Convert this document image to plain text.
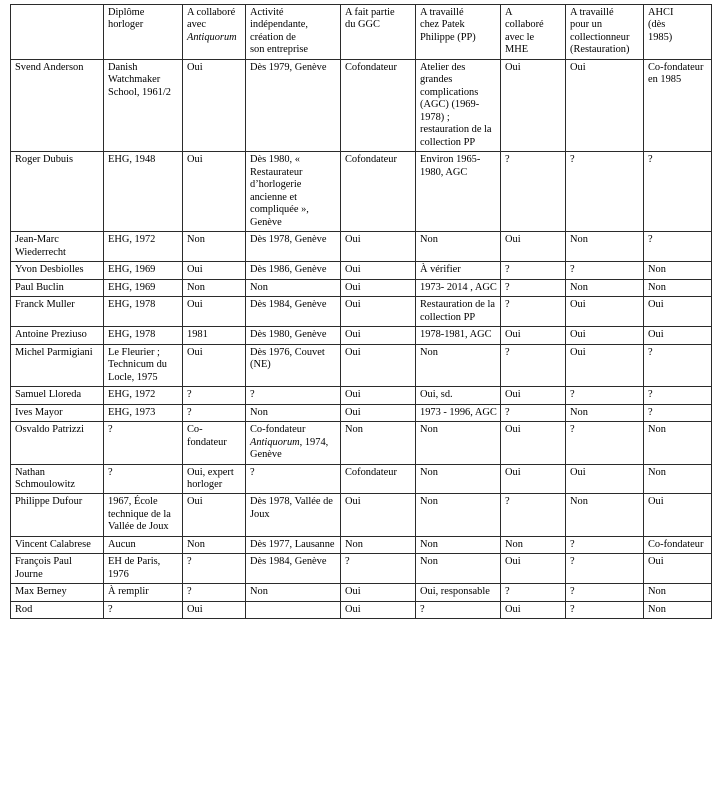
	Diplôme
horloger	A collaboré
avec
Antiquorum	Activité
indépendante,
création de
son entreprise	A fait partie
du GGC	A travaillé
chez Patek
Philippe (PP)	A
collaboré
avec le
MHE	A travaillé
pour un
collectionneur
(Restauration)	AHCI
(dès
1985)

Svend Anderson	Danish Watchmaker School, 1961/2	Oui	Dès 1979, Genève	Cofondateur	Atelier des grandes complications (AGC) (1969-1978) ; restauration de la collection PP	Oui	Oui	Co-fondateur en 1985
Roger Dubuis	EHG, 1948	Oui	Dès 1980, « Restaurateur d’horlogerie ancienne et compliquée », Genève	Cofondateur	Environ 1965-1980, AGC	?	?	?
Jean-Marc Wiederrecht	EHG, 1972	Non	Dès 1978, Genève	Oui	Non	Oui	Non	?
Yvon Desbiolles	EHG, 1969	Oui	Dès 1986, Genève	Oui	À vérifier	?	?	Non
Paul Buclin	EHG, 1969	Non	Non	Oui	1973- 2014 , AGC	?	Non	Non
Franck Muller	EHG, 1978	Oui	Dès 1984, Genève	Oui	Restauration de la collection PP	?	Oui	Oui
Antoine Preziuso	EHG, 1978	1981	Dès 1980, Genève	Oui	1978-1981, AGC	Oui	Oui	Oui
Michel Parmigiani	Le Fleurier ; Technicum du Locle, 1975	Oui	Dès 1976, Couvet (NE)	Oui	Non	?	Oui	?
Samuel Lloreda	EHG, 1972	?	?	Oui	Oui, sd.	Oui	?	?
Ives Mayor	EHG, 1973	?	Non	Oui	1973 - 1996, AGC	?	Non	?
Osvaldo Patrizzi	?	Co-fondateur	Co-fondateur Antiquorum, 1974, Genève	Non	Non	Oui	?	Non
Nathan Schmoulowitz	?	Oui, expert horloger	?	Cofondateur	Non	Oui	Oui	Non
Philippe Dufour	1967, École technique de la Vallée de Joux	Oui	Dès 1978, Vallée de Joux	Oui	Non	?	Non	Oui
Vincent Calabrese	Aucun	Non	Dès 1977, Lausanne	Non	Non	Non	?	Co-fondateur
François Paul Journe	EH de Paris, 1976	?	Dès 1984, Genève	?	Non	Oui	?	Oui
Max Berney	À remplir	?	Non	Oui	Oui, responsable	?	?	Non
Rod	?	Oui		Oui	?	Oui	?	Non
